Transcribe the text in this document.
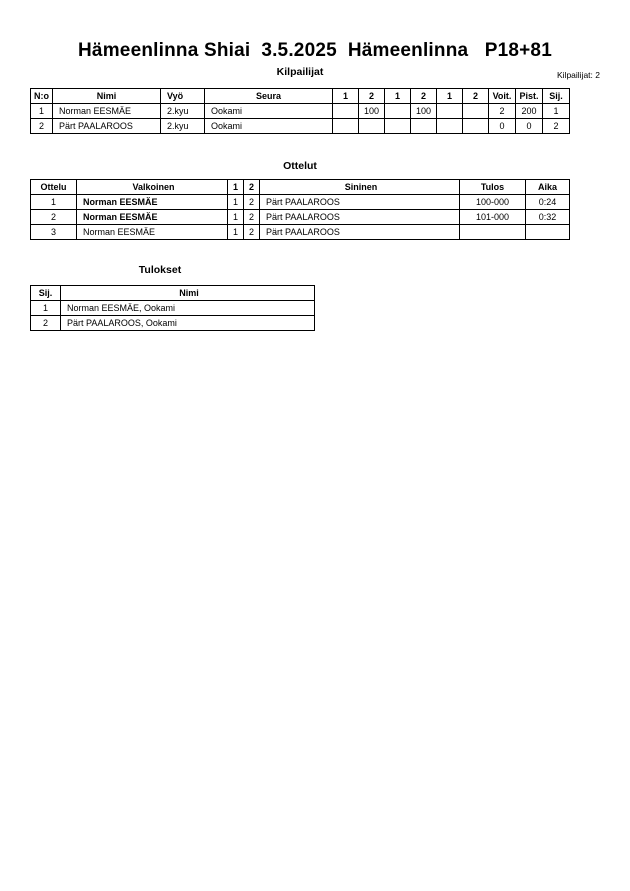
Hämeenlinna Shiai  3.5.2025  Hämeenlinna   P18+81
Kilpailijat	Kilpailijat: 2
N:o	Nimi	Vyö	Seura	1	2	1	2	1	2	Voit.	Pist.	Sij.
1	Norman EESMÄE	2.kyu	Ookami		100		100			2	200	1
2	Pärt PAALAROOS	2.kyu	Ookami							0	0	2
Ottelut
Ottelu	Valkoinen	1	2	Sininen	Tulos	Aika
1	Norman EESMÄE	1	2	Pärt PAALAROOS	100-000	0:24
2	Norman EESMÄE	1	2	Pärt PAALAROOS	101-000	0:32
3	Norman EESMÄE	1	2	Pärt PAALAROOS		
Tulokset
Sij.	Nimi
1	Norman EESMÄE, Ookami
2	Pärt PAALAROOS, Ookami
